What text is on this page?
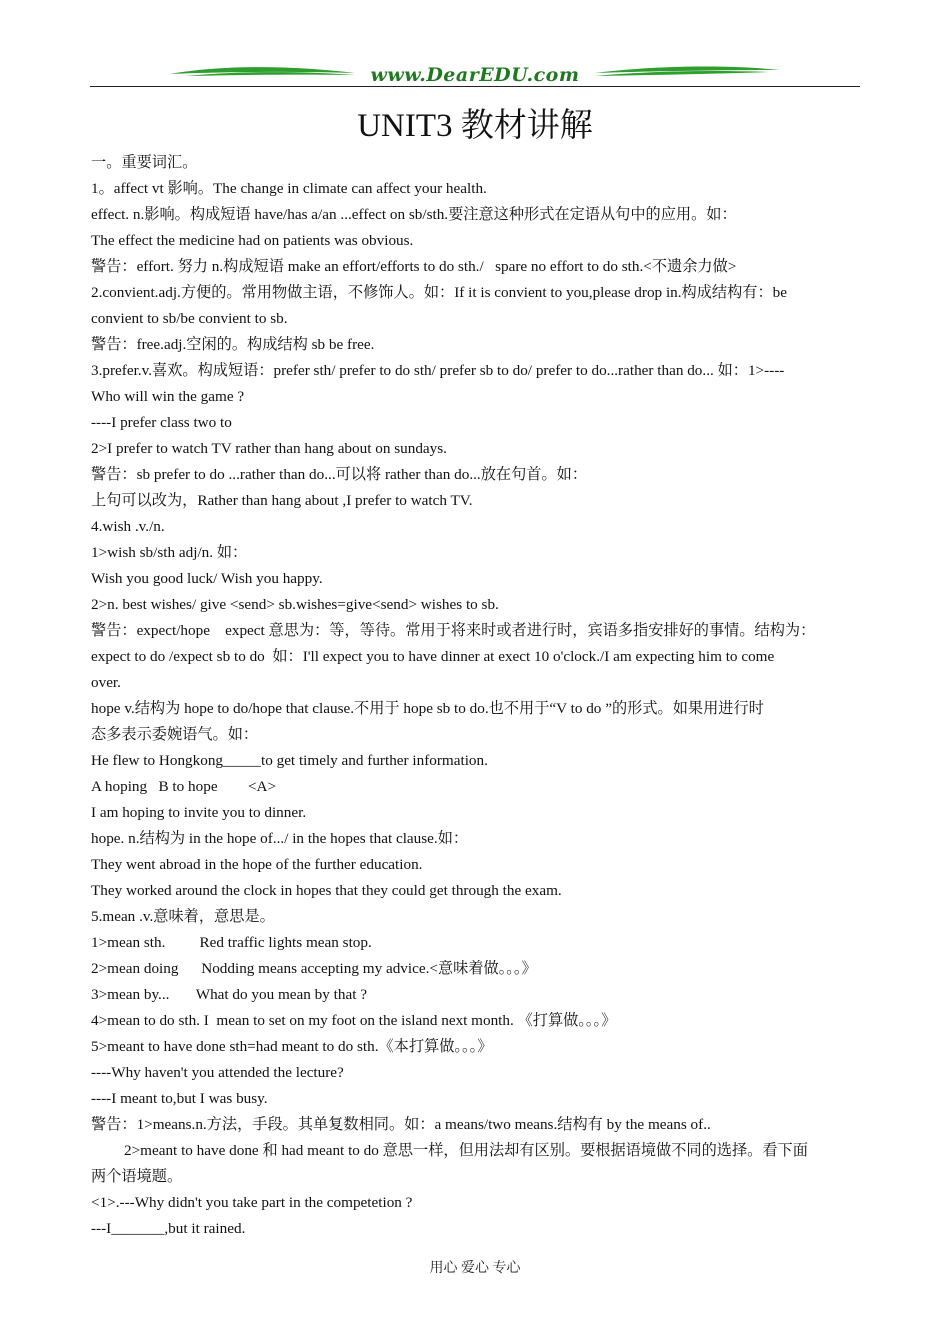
www.DearEDU.com
UNIT3 教材讲解

一。重要词汇。

1。affect vt 影响。The change in climate can affect your health.

effect. n.影响。构成短语 have/has a/an ...effect on sb/sth.要注意这种形式在定语从句中的应用。如：

The effect the medicine had on patients was obvious.

警告：effort. 努力 n.构成短语 make an effort/efforts to do sth./   spare no effort to do sth.<不遗余力做>

2.convient.adj.方便的。常用物做主语，不修饰人。如：If it is convient to you,please drop in.构成结构有：be

convient to sb/be convient to sb.

警告：free.adj.空闲的。构成结构 sb be free.

3.prefer.v.喜欢。构成短语：prefer sth/ prefer to do sth/ prefer sb to do/ prefer to do...rather than do... 如：1>----

Who will win the game ?

----I prefer class two to

2>I prefer to watch TV rather than hang about on sundays.

警告：sb prefer to do ...rather than do...可以将 rather than do...放在句首。如：

上句可以改为，Rather than hang about ,I prefer to watch TV.

4.wish .v./n.

1>wish sb/sth adj/n. 如：

Wish you good luck/ Wish you happy.

2>n. best wishes/ give <send> sb.wishes=give<send> wishes to sb.

警告：expect/hope    expect 意思为：等，等待。常用于将来时或者进行时，宾语多指安排好的事情。结构为：

expect to do /expect sb to do  如：I'll expect you to have dinner at exect 10 o'clock./I am expecting him to come

over.

hope v.结构为 hope to do/hope that clause.不用于 hope sb to do.也不用于“V to do ”的形式。如果用进行时

态多表示委婉语气。如：

He flew to Hongkong_____to get timely and further information.

A hoping   B to hope        <A>

I am hoping to invite you to dinner.

hope. n.结构为 in the hope of.../ in the hopes that clause.如：

They went abroad in the hope of the further education.

They worked around the clock in hopes that they could get through the exam.

5.mean .v.意味着，意思是。

1>mean sth.         Red traffic lights mean stop.

2>mean doing      Nodding means accepting my advice.<意味着做。。。》

3>mean by...       What do you mean by that ?

4>mean to do sth. I  mean to set on my foot on the island next month. 《打算做。。。》

5>meant to have done sth=had meant to do sth.《本打算做。。。》

----Why haven't you attended the lecture?

----I meant to,but I was busy.

警告：1>means.n.方法，手段。其单复数相同。如：a means/two means.结构有 by the means of..

2>meant to have done 和 had meant to do 意思一样，但用法却有区别。要根据语境做不同的选择。看下面

两个语境题。

<1>.---Why didn't you take part in the competetion ?

---I_______,but it rained.

用心 爱心 专心
